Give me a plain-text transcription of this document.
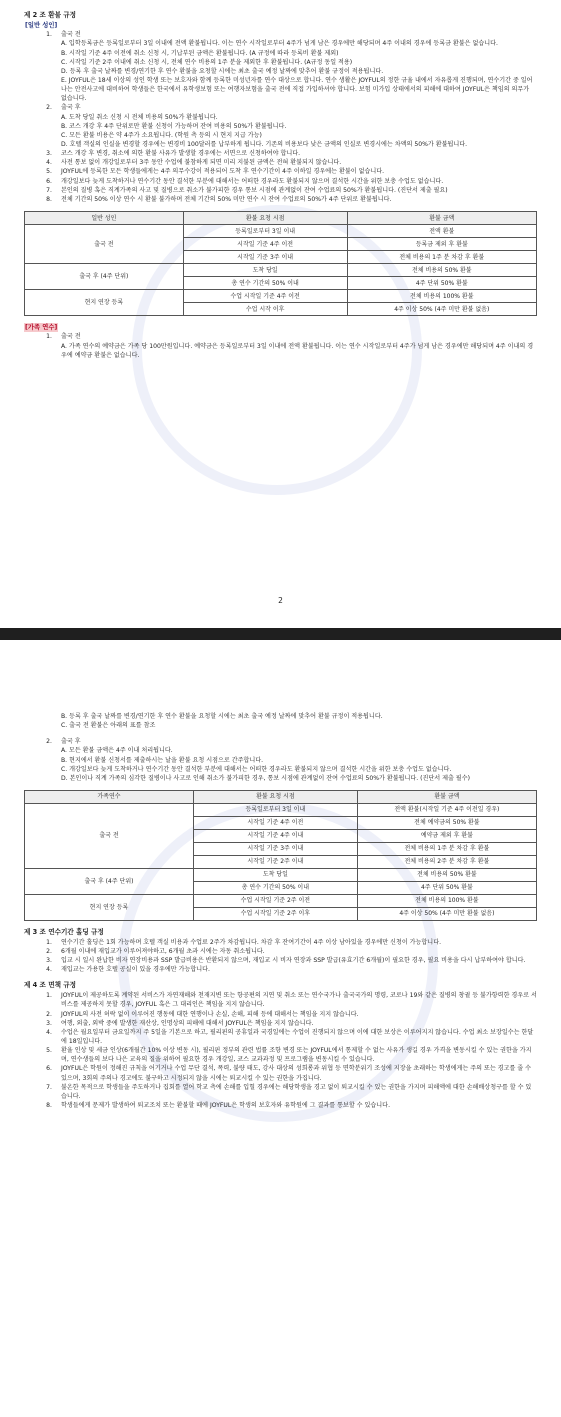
제 2 조 환불 규정

[일반 성인]
1.	출국 전

A. 입학등록금은 등록일로부터 3일 이내에 전액 환불됩니다. 이는 연수 시작일로부터 4주가 넘게 남은 경우에만 해당되며 4주 이내의 경우에 등록금 환불은 없습니다.

B. 시작일 기준 4주 이전에 취소 신청 시, 기납부된 금액은 환불됩니다. (A 규정에 따라 등록비 환불 제외)

C. 시작일 기준 2주 이내에 취소 신청 시, 전체 연수 비용의 1주 분을 제외한 후 환불됩니다. (A규정 동일 적용)

D. 등록 후 출국 날짜를 변경/연기한 후 연수 환불을 요청할 시에는 최초 출국 예정 날짜에 맞추어 환불 규정이 적용됩니다.

E. JOYFUL은 18세 이상의 성인 학생 또는 보호자와 함께 등록한 미성년자를 연수 대상으로 합니다. 연수 생활은 JOYFUL의 정한 규율 내에서 자유롭게 진행되며, 연수기간 중 일어나는 안전사고에 대비하여 학생들은 한국에서 유학생보험 또는 여행자보험을 출국 전에 직접 가입하셔야 합니다. 보험 미가입 상태에서의 피해에 대하여 JOYFUL은 책임의 의무가 없습니다.

2.	출국 후

A. 도착 당일 취소 신청 시 전체 비용의 50%가 환불됩니다.

B. 코스 개강 후 4주 단위로만 환불 신청이 가능하며 잔여 비용의 50%가 환불됩니다.

C. 모든 환불 비용은 약 4주가 소요됩니다. (학원 측 등의 시 현지 지급 가능)

D. 호텔 객실의 인실을 변경할 경우에는 변경비 100달러를 납부하게 됩니다. 기존의 비용보다 낮은 금액의 인실로 변경시에는 차액의 50%가 환불됩니다.

3.	코스 개강 후 변경, 취소에 의한 환불 사유가 발생할 경우에는 서면으로 신청하여야 합니다.
4.	사전 통보 없이 개강일로부터 3주 동안 수업에 불참하게 되면 미리 지불된 금액은 전혀 환불되지 않습니다.
5.	JOYFUL에 등록한 모든 학생들에게는 4주 의무수강이 적용되어 도착 후 연수기간이 4주 이하일 경우에는 환불이 없습니다.
6.	개강일보다 늦게 도착하거나 연수기간 동안 결석한 부분에 대해서는 어떠한 경우라도 환불되지 않으며 결석한 시간을 위한 보충 수업도 없습니다.
7.	본인의 질병 혹은 직계가족의 사고 및 질병으로 취소가 불가피한 경우 통보 시점에 관계없이 잔여 수업료의 50%가 환불됩니다. (진단서 제출 필요)
8.	전체 기간의 50% 이상 연수 시 환불 불가하며 전체 기간의 50% 미만 연수 시 잔여 수업료의 50%가 4주 단위로 환불됩니다.
일반 성인	환불 요청 시점	환불 금액
출국 전	등록일로부터 3일 이내	전액 환불
	시작일 기준 4주 이전	등록금 제외 후 환불
	시작일 기준 3주 이내	전체 비용의 1주 분 차감 후 환불
출국 후 (4주 단위)	도착 당일	전체 비용의 50% 환불
	총 연수 기간의 50% 이내	4주 단위 50% 환불
현지 연장 등록	수업 시작일 기준 4주 이전	전체 비용의 100% 환불
	수업 시작 이후	4주 이상 50% (4주 미만 환불 없음)
[가족 연수]
1.	출국 전

A. 가족 연수의 예약금은 가족 당 100만원입니다. 예약금은 등록일로부터 3일 이내에 전액 환불됩니다. 이는 연수 시작일로부터 4주가 넘게 남은 경우에만 해당되며 4주 이내의 경우에 예약금 환불은 없습니다.

2

B. 등록 후 출국 날짜를 변경/연기한 후 연수 환불을 요청할 시에는 최초 출국 예정 날짜에 맞추어 환불 규정이 적용됩니다.

C. 출국 전 환불은 아래의 표를 참조

2.	출국 후

A. 모든 환불 금액은 4주 이내 처리됩니다.

B. 현지에서 환불 신청서를 제출하시는 날을 환불 요청 시점으로 간주합니다.

C. 개강일보다 늦게 도착하거나 연수기간 동안 결석한 부분에 대해서는 어떠한 경우라도 환불되지 않으며 결석한 시간을 위한 보충 수업도 없습니다.

D. 본인이나 직계 가족의 심각한 질병이나 사고로 인해 취소가 불가피한 경우, 통보 시점에 관계없이 잔여 수업료의 50%가 환불됩니다. (진단서 제출 필수)

가족연수	환불 요청 시점	환불 금액
출국 전	등록일로부터 3일 이내	전액 환불(시작일 기준 4주 이전일 경우)
	시작일 기준 4주 이전	전체 예약금의 50% 환불
	시작일 기준 4주 이내	예약금 제외 후 환불
	시작일 기준 3주 이내	전체 비용의 1주 분 차감 후 환불
	시작일 기준 2주 이내	전체 비용의 2주 분 차감 후 환불
출국 후 (4주 단위)	도착 당일	전체 비용의 50% 환불
	총 연수 기간의 50% 이내	4주 단위 50% 환불
현지 연장 등록	수업 시작일 기준 2주 이전	전체 비용의 100% 환불
	수업 시작일 기준 2주 이후	4주 이상 50% (4주 미만 환불 없음)

제 3 조 연수기간 홀딩 규정

1.	연수기간 홀딩은 1회 가능하며 호텔 객실 비용과 수업료 2주가 차감됩니다. 차감 후 잔여기간이 4주 이상 남아있을 경우에만 신청이 가능합니다.
2.	6개월 이내에 재입교가 이루어져야하고, 6개월 초과 시에는 자동 취소됩니다.
3.	입교 시 일시 완납한 비자 연장비용과 SSP 발급비용은 반환되지 않으며, 재입교 시 비자 연장과 SSP 발급(유효기간 6개월)이 필요한 경우, 필요 비용을 다시 납부하여야 합니다.
4.	재입교는 가용한 호텔 공실이 있을 경우에만 가능합니다.

제 4 조 면책 규정

1.	JOYFUL이 제공하도록 계약된 서비스가 자연재해와 천재지변 또는 항공편의 지연 및 취소 또는 연수국가나 출국국가의 명령, 코로나 19와 같은 질병의 창궐 등 불가항력한 경우로 서비스를 제공하지 못할 경우, JOYFUL 혹은 그 대리인은 책임을 지지 않습니다.
2.	JOYFUL의 사전 허락 없이 이루어진 행동에 대한 연행이나 손실, 손해, 피해 등에 대해서는 책임을 지지 않습니다.
3.	여행, 외출, 외박 중에 발생한 재산상, 인명상의 피해에 대해서 JOYFUL은 책임을 지지 않습니다.
4.	수업은 월요일부터 금요일까지 주 5일을 기본으로 하고, 필리핀의 공휴일과 국경일에는 수업이 진행되지 않으며 이에 대한 보상은 이루어지지 않습니다. 수업 최소 보장일수는 한달에 18일입니다.
5.	환율 인상 및 세금 인상(6개월간 10% 이상 변동 시), 필리핀 정부의 관련 법률 조항 변경 또는 JOYFUL에서 통제할 수 없는 사유가 생길 경우 가격을 변동시킬 수 있는 권한을 가지며, 연수생들의 보다 나은 교육의 질을 위하여 필요한 경우 개강일, 코스 교과과정 및 프로그램을 변동시킬 수 있습니다.
6.	JOYFUL은 학원이 정해진 규칙을 어기거나 수업 무단 결석, 폭력, 불량 태도, 강사 대상의 성희롱과 위협 등 면학분위기 조성에 지장을 초래하는 학생에게는 주의 또는 경고를 줄 수 있으며, 3회의 주의나 경고에도 불구하고 시정되지 않을 시에는 퇴교시킬 수 있는 권한을 가집니다.
7.	불온한 목적으로 학생들을 주도하거나 집회를 열어 학교 측에 손해를 입힐 경우에는 해당학생을 경고 없이 퇴교시킬 수 있는 권한을 가지며 피해액에 대한 손해배상청구를 할 수 있습니다.
8.	학생들에게 문제가 발생하여 퇴교조치 또는 환불할 때에 JOYFUL은 학생의 보호자와 유학원에 그 결과를 통보할 수 있습니다.
